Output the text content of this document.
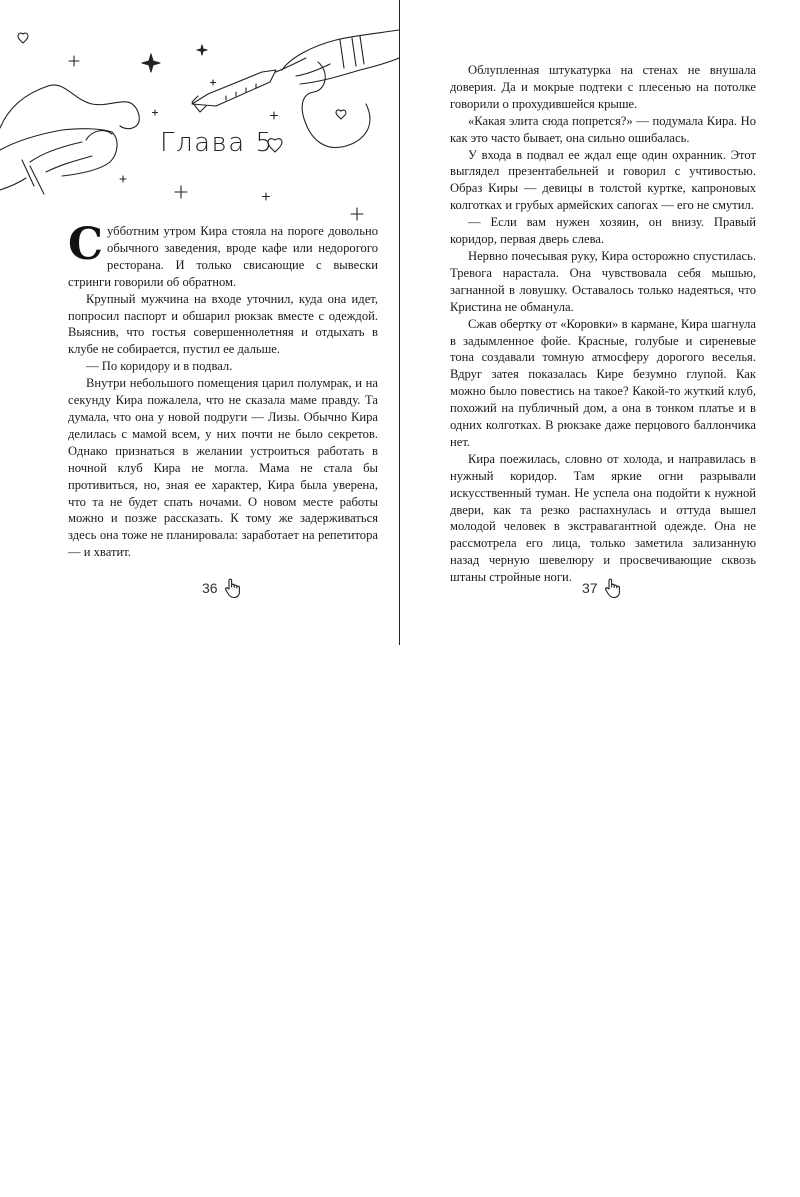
Глава 5

Субботним утром Кира стояла на пороге довольно обычного заведения, вроде кафе или недорогого ресторана. И только свисающие с вывески стринги говорили об обратном.

Крупный мужчина на входе уточнил, куда она идет, попросил паспорт и обшарил рюкзак вместе с одеждой. Выяснив, что гостья совершеннолетняя и отдыхать в клубе не собирается, пустил ее дальше.

— По коридору и в подвал.

Внутри небольшого помещения царил полумрак, и на секунду Кира пожалела, что не сказала маме правду. Та думала, что она у новой подруги — Лизы. Обычно Кира делилась с мамой всем, у них почти не было секретов. Однако признаться в желании устроиться работать в ночной клуб Кира не могла. Мама не стала бы противиться, но, зная ее характер, Кира была уверена, что та не будет спать ночами. О новом месте работы можно и позже рассказать. К тому же задерживаться здесь она тоже не планировала: заработает на репетитора — и хватит.

36

Облупленная штукатурка на стенах не внушала доверия. Да и мокрые подтеки с плесенью на потолке говорили о прохудившейся крыше.

«Какая элита сюда попрется?» — подумала Кира. Но как это часто бывает, она сильно ошибалась.

У входа в подвал ее ждал еще один охранник. Этот выглядел презентабельней и говорил с учтивостью. Образ Киры — девицы в толстой куртке, капроновых колготках и грубых армейских сапогах — его не смутил.

— Если вам нужен хозяин, он внизу. Правый коридор, первая дверь слева.

Нервно почесывая руку, Кира осторожно спустилась. Тревога нарастала. Она чувствовала себя мышью, загнанной в ловушку. Оставалось только надеяться, что Кристина не обманула.

Сжав обертку от «Коровки» в кармане, Кира шагнула в задымленное фойе. Красные, голубые и сиреневые тона создавали томную атмосферу дорогого веселья. Вдруг затея показалась Кире безумно глупой. Как можно было повестись на такое? Какой-то жуткий клуб, похожий на публичный дом, а она в тонком платье и в одних колготках. В рюкзаке даже перцового баллончика нет.

Кира поежилась, словно от холода, и направилась в нужный коридор. Там яркие огни разрывали искусственный туман. Не успела она подойти к нужной двери, как та резко распахнулась и оттуда вышел молодой человек в экстравагантной одежде. Она не рассмотрела его лица, только заметила зализанную назад черную шевелюру и просвечивающие сквозь штаны стройные ноги.

37
